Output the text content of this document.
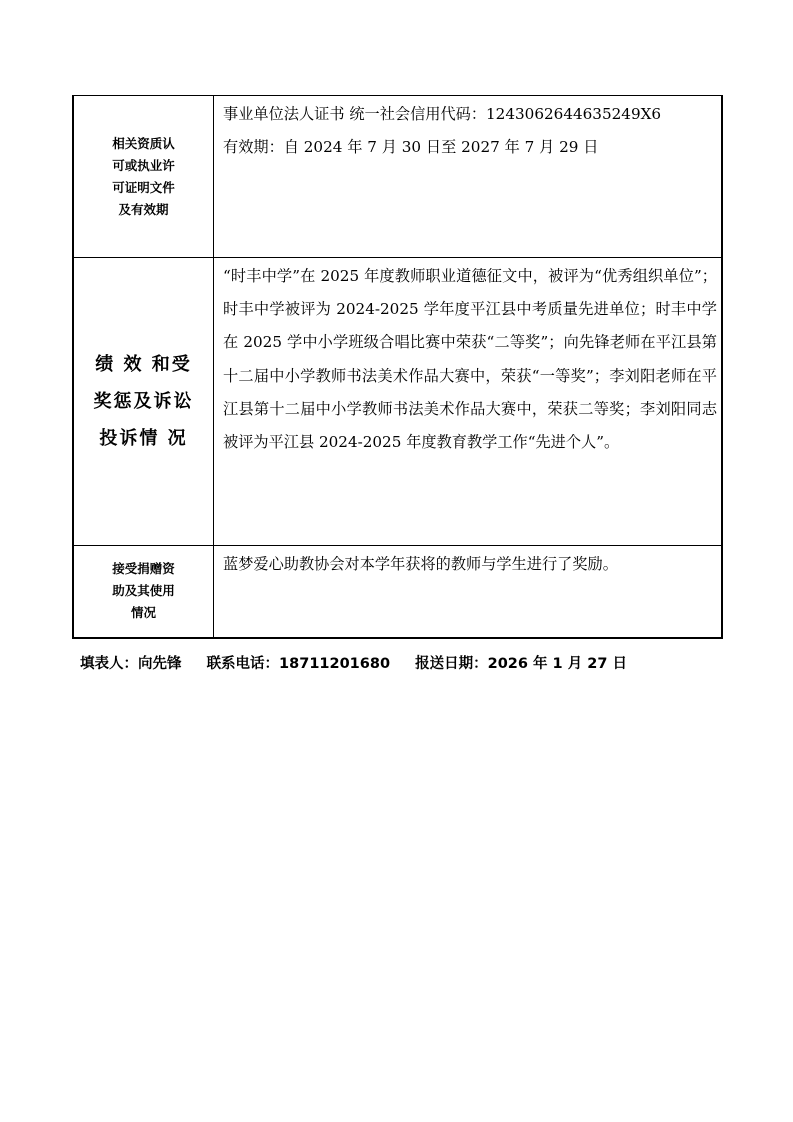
相关资质认可或执业许可证明文件及有效期	事业单位法人证书 统一社会信用代码：1243062644635249X6
有效期：自 2024 年 7 月 30 日至 2027 年 7 月 29 日

绩 效 和受奖惩及诉讼投诉情 况	“时丰中学”在 2025 年度教师职业道德征文中，被评为“优秀组织单位”；时丰中学被评为 2024-2025 学年度平江县中考质量先进单位；时丰中学在 2025 学中小学班级合唱比赛中荣获“二等奖”；向先锋老师在平江县第十二届中小学教师书法美术作品大赛中，荣获“一等奖”；李刘阳老师在平江县第十二届中小学教师书法美术作品大赛中，荣获二等奖；李刘阳同志被评为平江县 2024-2025 年度教育教学工作“先进个人”。

接受捐赠资助及其使用情况	蓝梦爱心助教协会对本学年获将的教师与学生进行了奖励。
填表人：向先锋 联系电话：18711201680 报送日期：2026 年 1 月 27 日
